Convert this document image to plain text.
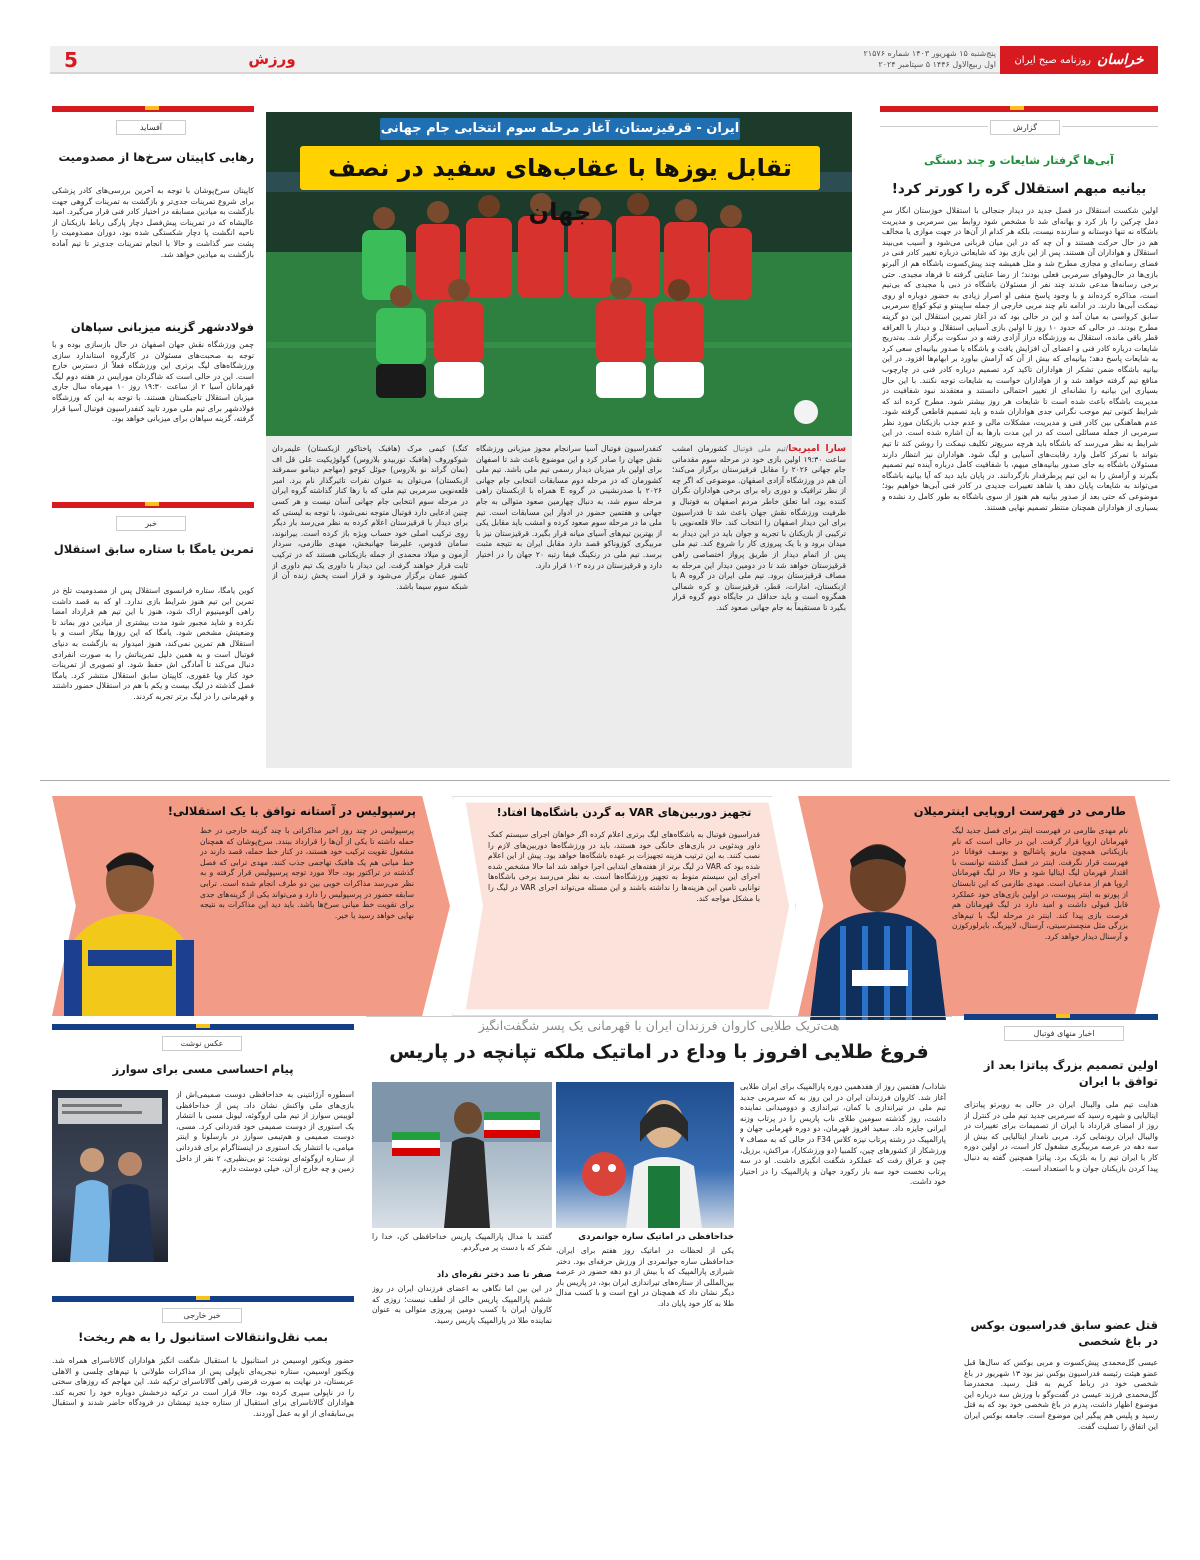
خراسان
روزنامه صبح ایران
پنج‌شنبه ۱۵ شهریور ۱۴۰۳ شماره ۲۱۵۷۶
اول ربیع‌الاول ۱۴۴۶ ۵ سپتامبر ۲۰۲۴
ورزش
5
گزارش
آبی‌ها گرفتار شایعات و چند دستگی
بیانیه مبهم استقلال گره را کورتر کرد!
اولین شکست استقلال در فصل جدید در دیدار جنجالی با استقلال خوزستان انگار سرِ دمل چرکین را باز کرد و بهانه‌ای شد تا مشخص شود روابط بین سرمربی و مدیریت باشگاه نه تنها دوستانه و سازنده نیست، بلکه هر کدام از آن‌ها در جهت موازی یا مخالف هم در حال حرکت هستند و آن چه که در این میان قربانی می‌شود و آسیب می‌بیند استقلال و هواداران آن هستند. پس از این بازی بود که شایعاتی درباره تغییر کادر فنی در فضای رسانه‌ای و مجازی مطرح شد و مثل همیشه چند پیش‌کسوت باشگاه هم از آلبرتو بازی‌ها در حال‌وهوای سرمربی فعلی بودند؛ از رضا عنایتی گرفته تا فرهاد مجیدی. حتی برخی رسانه‌ها مدعی شدند چند نفر از مسئولان باشگاه در دبی با مجیدی که بی‌تیم است، مذاکره کرده‌اند و با وجود پاسخ منفی او اصرار زیادی به حضور دوباره او روی نیمکت آبی‌ها دارند. در ادامه نام چند مربی خارجی از جمله ساپینتو و تیکو کواچ سرمربی سابق کرواسی به میان آمد و این در حالی بود که در آغاز تمرین استقلال این دو گزینه مطرح بودند. در حالی که حدود ۱۰ روز تا اولین بازی آسیایی استقلال و دیدار با الغرافه قطر باقی مانده، استقلال به ورزشگاه دراز آزادی رفته و در سکوت برگزار شد. به‌تدریج شایعات درباره کادر فنی و اعضای آن افزایش یافت و باشگاه با صدور بیانیه‌ای سعی کرد به شایعات پاسخ دهد؛ بیانیه‌ای که بیش از آن که آرامش بیاورد بر ابهام‌ها افزود. در این بیانیه باشگاه ضمن تشکر از هواداران تاکید کرد تصمیم درباره کادر فنی در چارچوب منافع تیم گرفته خواهد شد و از هواداران خواست به شایعات توجه نکنند. با این حال بسیاری این بیانیه را نشانه‌ای از تغییر احتمالی دانستند و معتقدند نبود شفافیت در مدیریت باشگاه باعث شده است تا شایعات هر روز بیشتر شود. مطرح کرده اند که شرایط کنونی تیم موجب نگرانی جدی هواداران شده و باید تصمیم قاطعی گرفته شود. عدم هماهنگی بین کادر فنی و مدیریت، مشکلات مالی و عدم جذب بازیکنان مورد نظر سرمربی از جمله مسائلی است که در این مدت بارها به آن اشاره شده است. در این شرایط به نظر می‌رسد که باشگاه باید هرچه سریع‌تر تکلیف نیمکت را روشن کند تا تیم بتواند با تمرکز کامل وارد رقابت‌های آسیایی و لیگ شود. هواداران نیز انتظار دارند مسئولان باشگاه به جای صدور بیانیه‌های مبهم، با شفافیت کامل درباره آینده تیم تصمیم بگیرند و آرامش را به این تیم پرطرفدار بازگردانند. در پایان باید دید که آیا بیانیه باشگاه می‌تواند به شایعات پایان دهد یا شاهد تغییرات جدیدی در کادر فنی آبی‌ها خواهیم بود؛ موضوعی که حتی بعد از صدور بیانیه هم هنوز از سوی باشگاه به طور کامل رد نشده و بسیاری از هواداران همچنان منتظر تصمیم نهایی هستند.
آفساید
رهایی کاپیتان سرخ‌ها از مصدومیت
کاپیتان سرخ‌پوشان با توجه به آخرین بررسی‌های کادر پزشکی برای شروع تمرینات جدی‌تر و بازگشت به تمرینات گروهی جهت بازگشت به میادین مسابقه در اختیار کادر فنی قرار می‌گیرد. امید عالیشاه که در تمرینات پیش‌فصل دچار پارگی رباط بازیکنان از ناحیه انگشت پا دچار شکستگی شده بود، دوران مصدومیت را پشت سر گذاشت و حالا با انجام تمرینات جدی‌تر تا تیم آماده بازگشت به میادین خواهد شد.
فولادشهر گزینه میزبانی سپاهان
چمن ورزشگاه نقش جهان اصفهان در حال بازسازی بوده و با توجه به صحبت‌های مسئولان در کارگروه استاندارد سازی ورزشگاه‌های لیگ برتری این ورزشگاه فعلاً از دسترس خارج است. این در حالی است که شاگردان مورایس در هفته دوم لیگ قهرمانان آسیا ۲ از ساعت ۱۹:۳۰ روز ۱۰ مهرماه سال جاری میزبان استقلال تاجیکستان هستند. با توجه به این که ورزشگاه فولادشهر برای تیم ملی مورد تایید کنفدراسیون فوتبال آسیا قرار گرفته، گزینه سپاهان برای میزبانی خواهد بود.
خبر
تمرین یامگا با ستاره سابق استقلال
کوین یامگا، ستاره فرانسوی استقلال پس از مصدومیت تلخ در تمرین این تیم هنوز شرایط بازی ندارد. او که به قصد داشت راهی آلومینیوم اراک شود، هنوز با این تیم هم قرارداد امضا نکرده و شاید مجبور شود مدت بیشتری از میادین دور بماند تا وضعیتش مشخص شود. یامگا که این روزها بیکار است و با استقلال هم تمرین نمی‌کند، هنوز امیدوار به بازگشت به دنیای فوتبال است و به همین دلیل تمریناتش را به صورت انفرادی دنبال می‌کند تا آمادگی اش حفظ شود. او تصویری از تمرینات خود کنار ویا غفوری، کاپیتان سابق استقلال منتشر کرد. یامگا فصل گذشته در لیگ بیست و یکم با هم در استقلال حضور داشتند و قهرمانی را در لیگ برتر تجربه کردند.
ایران - قرقیزستان، آغاز مرحله سوم انتخابی جام جهانی
تقابل یوزها با عقاب‌های سفید در نصف جهان
سارا امیریحا/تیم ملی فوتبال کشورمان امشب ساعت ۱۹:۳۰ اولین بازی خود در مرحله سوم مقدماتی جام جهانی ۲۰۲۶ را مقابل قرقیزستان برگزار می‌کند؛ آن هم در ورزشگاه آزادی اصفهان. موضوعی که اگر چه از نظر ترافیک و دوری راه برای برخی هواداران نگران کننده بود، اما تعلق خاطر مردم اصفهان به فوتبال و ظرفیت ورزشگاه نقش جهان باعث شد تا فدراسیون برای این دیدار اصفهان را انتخاب کند. حالا قلعه‌نویی با ترکیبی از بازیکنان با تجربه و جوان باید در این دیدار به میدان برود و با یک پیروزی کار را شروع کند. تیم ملی پس از اتمام دیدار از طریق پرواز اختصاصی راهی قرقیزستان خواهد شد تا در دومین دیدار این مرحله به مصاف قرقیزستان برود. تیم ملی ایران در گروه A با ازبکستان، امارات، قطر، قرقیزستان و کره شمالی همگروه است و باید حداقل در جایگاه دوم گروه قرار بگیرد تا مستقیماً به جام جهانی صعود کند.
کنفدراسیون فوتبال آسیا سرانجام مجوز میزبانی ورزشگاه نقش جهان را صادر کرد و این موضوع باعث شد تا اصفهان برای اولین بار میزبان دیدار رسمی تیم ملی باشد. تیم ملی کشورمان که در مرحله دوم مسابقات انتخابی جام جهانی ۲۰۲۶ با صدرنشینی در گروه E همراه با ازبکستان راهی مرحله سوم شد، به دنبال چهارمین صعود متوالی به جام جهانی و هفتمین حضور در ادوار این مسابقات است. تیم ملی ما در مرحله سوم صعود کرده و امشب باید مقابل یکی از بهترین تیم‌های آسیای میانه قرار بگیرد. قرقیزستان نیز با مربیگری کوزوناکو قصد دارد مقابل ایران به نتیجه مثبت برسد. تیم ملی در رنکینگ فیفا رتبه ۲۰ جهان را در اختیار دارد و قرقیزستان در رده ۱۰۲ قرار دارد.
کنگ) کیمی مرک (هافبک پاختاکور ازبکستان) علیمردان شوکوروف (هافبک توربیدو بلاروس) گولوژیکیت علی قل اف (نمان گراند نو بلاروس) جوئل کوجو (مهاجم دینامو سمرقند ازبکستان) می‌توان به عنوان نفرات تاثیرگذار نام برد. امیر قلعه‌نویی سرمربی تیم ملی که با رها کنار گذاشته گروه ایران در مرحله سوم انتخابی جام جهانی آسان نیست و هر کسی چنین ادعایی دارد فوتبال متوجه نمی‌شود، با توجه به لیستی که برای دیدار با قرقیزستان اعلام کرده به نظر می‌رسد بار دیگر روی ترکیب اصلی خود حساب ویژه باز کرده است. بیرانوند، سامان قدوس، علیرضا جهانبخش، مهدی طارمی، سردار آزمون و میلاد محمدی از جمله بازیکنانی هستند که در ترکیب ثابت قرار خواهند گرفت. این دیدار با داوری یک تیم داوری از کشور عمان برگزار می‌شود و قرار است پخش زنده آن از شبکه سوم سیما باشد.
طارمی در فهرست اروپایی اینترمیلان
نام مهدی طارمی در فهرست اینتر برای فصل جدید لیگ قهرمانان اروپا قرار گرفت. این در حالی است که نام بازیکنانی همچون ماریو پاشالیچ و یوسف فوفانا در فهرست قرار نگرفت. اینتر در فصل گذشته توانست با اقتدار قهرمان لیگ ایتالیا شود و حالا در لیگ قهرمانان اروپا هم از مدعیان است. مهدی طارمی که این تابستان از پورتو به اینتر پیوست، در اولین بازی‌های خود عملکرد قابل قبولی داشت و امید دارد در لیگ قهرمانان هم فرصت بازی پیدا کند. اینتر در مرحله لیگ با تیم‌های بزرگی مثل منچسترسیتی، آرسنال، لایپزیگ، بایرلورکوزن و آرسنال دیدار خواهد کرد.
تجهیز دوربین‌های VAR به گردن باشگاه‌ها افتاد!
فدراسیون فوتبال به باشگاه‌های لیگ برتری اعلام کرده اگر خواهان اجرای سیستم کمک داور ویدئویی در بازی‌های خانگی خود هستند، باید در ورزشگاه‌ها دوربین‌های لازم را نصب کنند. به این ترتیب هزینه تجهیزات بر عهده باشگاه‌ها خواهد بود. پیش از این اعلام شده بود که VAR در لیگ برتر از هفته‌های ابتدایی اجرا خواهد شد اما حالا مشخص شده اجرای این سیستم منوط به تجهیز ورزشگاه‌ها است. به نظر می‌رسد برخی باشگاه‌ها توانایی تامین این هزینه‌ها را نداشته باشند و این مسئله می‌تواند اجرای VAR در لیگ را با مشکل مواجه کند.
پرسپولیس در آستانه توافق با یک استقلالی!
پرسپولیس در چند روز اخیر مذاکراتی با چند گزینه خارجی در خط حمله داشته تا یکی از آن‌ها را قرارداد ببندد. سرخ‌پوشان که همچنان مشغول تقویت ترکیب خود هستند، در کنار خط حمله، قصد دارند در خط میانی هم یک هافبک تهاجمی جذب کنند. مهدی ترابی که فصل گذشته در تراکتور بود، حالا مورد توجه پرسپولیس قرار گرفته و به نظر می‌رسد مذاکرات خوبی بین دو طرف انجام شده است. ترابی سابقه حضور در پرسپولیس را دارد و می‌تواند یکی از گزینه‌های جدی برای تقویت خط میانی سرخ‌ها باشد. باید دید این مذاکرات به نتیجه نهایی خواهد رسید یا خیر.
عکس نوشت
پیام احساسی مسی برای سوارز
اسطوره آرژانتینی به خداحافظی دوست صمیمی‌اش از بازی‌های ملی واکنش نشان داد. پس از خداحافظی لوییس سوارز از تیم ملی اروگوئه، لیونل مسی با انتشار یک استوری از دوست صمیمی خود قدردانی کرد. مسی، دوست صمیمی و هم‌تیمی سوارز در بارسلونا و اینتر میامی، با انتشار یک استوری در اینستاگرام برای قدردانی از ستاره اروگوئه‌ای نوشت: تو بی‌نظیری، ۲ نفر از داخل زمین و چه خارج از آن. خیلی دوستت دارم.
خبر خارجی
بمب نقل‌وانتقالات استانبول را به هم ریخت!
حضور ویکتور اوسیمن در استانبول با استقبال شگفت انگیز هواداران گالاتاسرای همراه شد. ویکتور اوسیمن، ستاره نیجریه‌ای ناپولی پس از مذاکرات طولانی با تیم‌های چلسی و الاهلی عربستان، در نهایت به صورت قرضی راهی گالاتاسرای ترکیه شد. این مهاجم که روزهای سختی را در ناپولی سپری کرده بود، حالا قرار است در ترکیه درخشش دوباره خود را تجربه کند. هواداران گالاتاسرای برای استقبال از ستاره جدید تیمشان در فرودگاه حاضر شدند و استقبال بی‌سابقه‌ای از او به عمل آوردند.
هت‌تریک طلایی کاروان فرزندان ایران با قهرمانی یک پسر شگفت‌انگیز
فروغ طلایی افروز با وداع در اماتیک ملکه تپانچه در پاریس
شاداب/ هفتمین روز از هفدهمین دوره پارالمپیک برای ایران طلایی آغاز شد. کاروان فرزندان ایران در این روز به که سرمربی جدید تیم ملی در تیراندازی با کمان، تیراندازی و دوومیدانی نماینده داشت، روز گذشته سومین طلای ناب پاریس را در پرتاب وزنه ایرانی جایزه داد. سعید افروز قهرمان، دو دوره قهرمانی جهان و پارالمپیک در رشته پرتاب نیزه کلاس F34 در حالی که به مصاف ۷ ورزشکار از کشورهای چین، کلمبیا (دو ورزشکار)، مراکش، برزیل، چین و عراق رفت که عملکرد شگفت انگیزی داشت. او در سه پرتاب نخست خود سه بار رکورد جهان و پارالمپیک را در اختیار خود داشت.
گفتند با مدال پارالمپیک پاریس خداحافظی کن، خدا را شکر که با دست پر می‌گردم.
خداحافظی در اماتیک ساره جوانمردی
یکی از لحظات در اماتیک روز هفتم برای ایران، خداحافظی ساره جوانمردی از ورزش حرفه‌ای بود. دختر شیرازی پارالمپیک که با بیش از دو دهه حضور در عرصه بین‌المللی از ستاره‌های تیراندازی ایران بود، در پاریس بار دیگر نشان داد که همچنان در اوج است و با کسب مدال طلا به کار خود پایان داد.
صفر تا صد دختر نقره‌ای داد
در این بین اما نگاهی به اعضای فرزندان ایران در روز ششم پارالمپیک پاریس خالی از لطف نیست؛ روزی که کاروان ایران با کسب دومین پیروزی متوالی به عنوان نماینده طلا در پارالمپیک پاریس رسید.
اخبار منهای فوتبال
اولین تصمیم بزرگ پیاتزا بعد از توافق با ایران
هدایت تیم ملی والیبال ایران در حالی به روبرتو پیاتزای ایتالیایی و شهره رسید که سرمربی جدید تیم ملی در کنترل از روز از امضای قرارداد با ایران از تصمیمات برای تغییرات در والیبال ایران رونمایی کرد. مربی نامدار ایتالیایی که بیش از سه دهه در عرصه مربیگری مشغول کار است، در اولین دوره کار با ایران تیم را به بلژیک برد. پیاتزا همچنین گفته به دنبال پیدا کردن بازیکنان جوان و با استعداد است.
قتل عضو سابق فدراسیون بوکس در باغ شخصی
عیسی گل‌محمدی پیش‌کسوت و مربی بوکس که سال‌ها قبل عضو هیئت رئیسه فدراسیون بوکس نیز بود ۱۳ شهریور در باغ شخصی خود در رباط کریم به قتل رسید. محمدرضا گل‌محمدی فرزند عیسی در گفت‌وگو با ورزش سه درباره این موضوع اظهار داشت، پدرم در باغ شخصی خود بود که به قتل رسید و پلیس هم پیگیر این موضوع است. جامعه بوکس ایران این اتفاق را تسلیت گفت.
